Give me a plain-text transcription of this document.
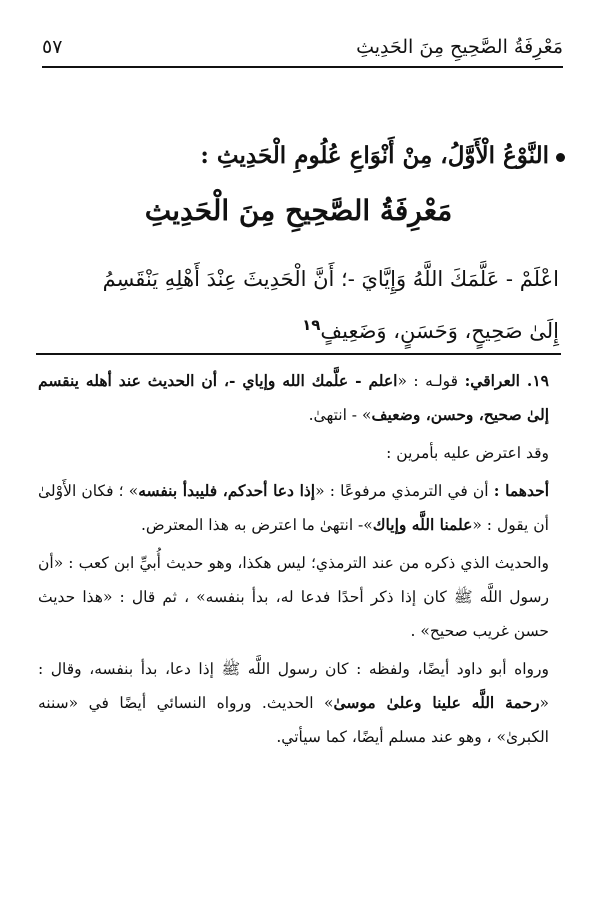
مَعْرِفَةُ الصَّحِيحِ مِنَ الحَدِيثِ
٥٧
النَّوْعُ الْأَوَّلُ، مِنْ أَنْوَاعِ عُلُومِ الْحَدِيثِ :
مَعْرِفَةُ الصَّحِيحِ مِنَ الْحَدِيثِ

اعْلَمْ - عَلَّمَكَ اللَّهُ وَإِيَّايَ -؛ أَنَّ الْحَدِيثَ عِنْدَ أَهْلِهِ يَنْقَسِمُ

إِلَىٰ صَحِيحٍ، وَحَسَنٍ، وَضَعِيفٍ$^{١٩}$

١٩. العراقي: قولـه : «اعلم - علَّمك الله وإياي -، أن الحديث عند أهله ينقسم إلىٰ صحيح، وحسن، وضعيف» - انتهىٰ.

وقد اعترض عليه بأمرين :

أحدهما : أن في الترمذي مرفوعًا : «إذا دعا أحدكم، فليبدأ بنفسه» ؛ فكان الأَوْلىٰ أن يقول : «علمنا اللَّه وإياك»- انتهىٰ ما اعترض به هذا المعترض.

والحديث الذي ذكره من عند الترمذي؛ ليس هكذا، وهو حديث أُبيِّ ابن كعب : «أن رسول اللَّه ﷺ كان إذا ذكر أحدًا فدعا له، بدأ بنفسه» ، ثم قال : «هذا حديث حسن غريب صحيح» .

ورواه أبو داود أيضًا، ولفظه : كان رسول اللَّه ﷺ إذا دعا، بدأ بنفسه، وقال : «رحمة اللَّه علينا وعلىٰ موسىٰ» الحديث. ورواه النسائي أيضًا في «سننه الكبرىٰ» ، وهو عند مسلم أيضًا، كما سيأتي.
